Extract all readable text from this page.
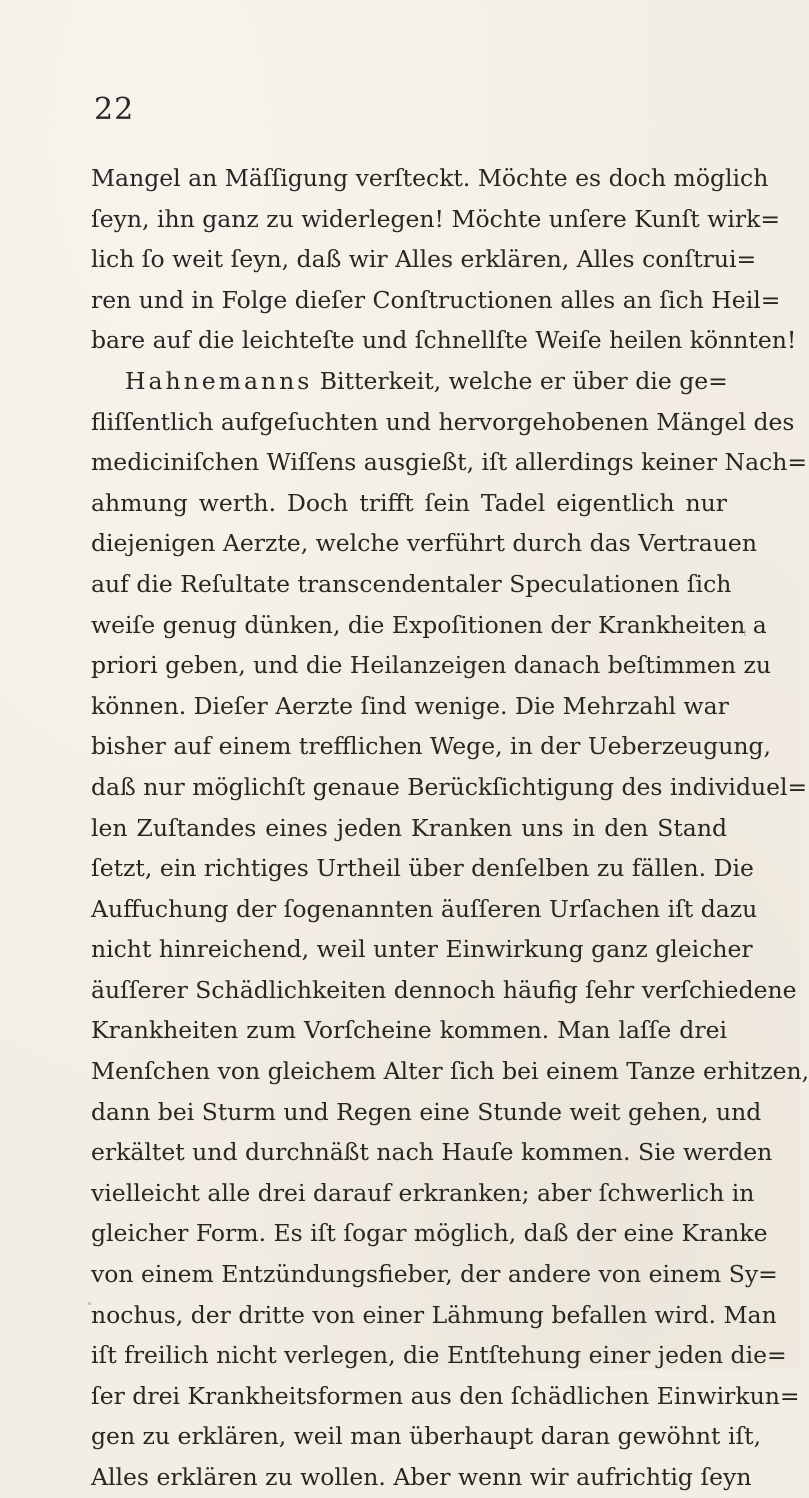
22
Mangel an Mäſſigung verſteckt. Möchte es doch möglich
ſeyn, ihn ganz zu widerlegen! Möchte unſere Kunſt wirk=
lich ſo weit ſeyn, daß wir Alles erklären, Alles conſtrui=
ren und in Folge dieſer Conſtructionen alles an ſich Heil=
bare auf die leichteſte und ſchnellſte Weiſe heilen könnten!
Hahnemanns Bitterkeit, welche er über die ge=
fliſſentlich aufgeſuchten und hervorgehobenen Mängel des
mediciniſchen Wiſſens ausgießt, iſt allerdings keiner Nach=
ahmung werth. Doch trifft ſein Tadel eigentlich nur
diejenigen Aerzte, welche verführt durch das Vertrauen
auf die Reſultate transcendentaler Speculationen ſich
weiſe genug dünken, die Expoſitionen der Krankheiten a
priori geben, und die Heilanzeigen danach beſtimmen zu
können. Dieſer Aerzte ſind wenige. Die Mehrzahl war
bisher auf einem trefflichen Wege, in der Ueberzeugung,
daß nur möglichſt genaue Berückſichtigung des individuel=
len Zuſtandes eines jeden Kranken uns in den Stand
ſetzt, ein richtiges Urtheil über denſelben zu fällen. Die
Auffuchung der ſogenannten äuſſeren Urſachen iſt dazu
nicht hinreichend, weil unter Einwirkung ganz gleicher
äuſſerer Schädlichkeiten dennoch häufig ſehr verſchiedene
Krankheiten zum Vorſcheine kommen. Man laſſe drei
Menſchen von gleichem Alter ſich bei einem Tanze erhitzen,
dann bei Sturm und Regen eine Stunde weit gehen, und
erkältet und durchnäßt nach Hauſe kommen. Sie werden
vielleicht alle drei darauf erkranken; aber ſchwerlich in
gleicher Form. Es iſt ſogar möglich, daß der eine Kranke
von einem Entzündungsfieber, der andere von einem Sy=
nochus, der dritte von einer Lähmung befallen wird. Man
iſt freilich nicht verlegen, die Entſtehung einer jeden die=
ſer drei Krankheitsformen aus den ſchädlichen Einwirkun=
gen zu erklären, weil man überhaupt daran gewöhnt iſt,
Alles erklären zu wollen. Aber wenn wir aufrichtig ſeyn
